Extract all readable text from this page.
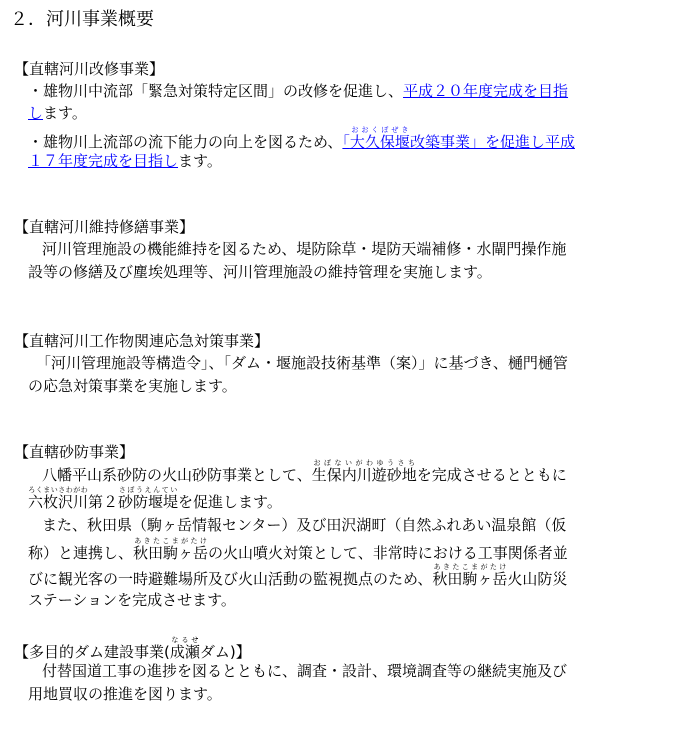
２．河川事業概要
【直轄河川改修事業】
・雄物川中流部「緊急対策特定区間」の改修を促進し、平成２０年度完成を目指
します。
・雄物川上流部の流下能力の向上を図るため、「大久保堰おおくぼぜき改築事業」を促進し平成
１７年度完成を目指します。
【直轄河川維持修繕事業】
河川管理施設の機能維持を図るため、堤防除草・堤防天端補修・水閘門操作施
設等の修繕及び塵埃処理等、河川管理施設の維持管理を実施します。
【直轄河川工作物関連応急対策事業】
「河川管理施設等構造令」、「ダム・堰施設技術基準（案）」に基づき、樋門樋管
の応急対策事業を実施します。
【直轄砂防事業】
八幡平山系砂防の火山砂防事業として、生保内川遊砂地おぼないがわゆうさちを完成させるとともに
六枚沢川ろくまいさわがわ第２砂防堰堤さぼうえんていを促進します。
また、秋田県（駒ヶ岳情報センター）及び田沢湖町（自然ふれあい温泉館（仮
称）と連携し、秋田駒ヶ岳あきたこまがたけの火山噴火対策として、非常時における工事関係者並
びに観光客の一時避難場所及び火山活動の監視拠点のため、秋田駒ヶ岳あきたこまがたけ火山防災
ステーションを完成させます。
【多目的ダム建設事業(成瀬なるせダム)】
付替国道工事の進捗を図るとともに、調査・設計、環境調査等の継続実施及び
用地買収の推進を図ります。
